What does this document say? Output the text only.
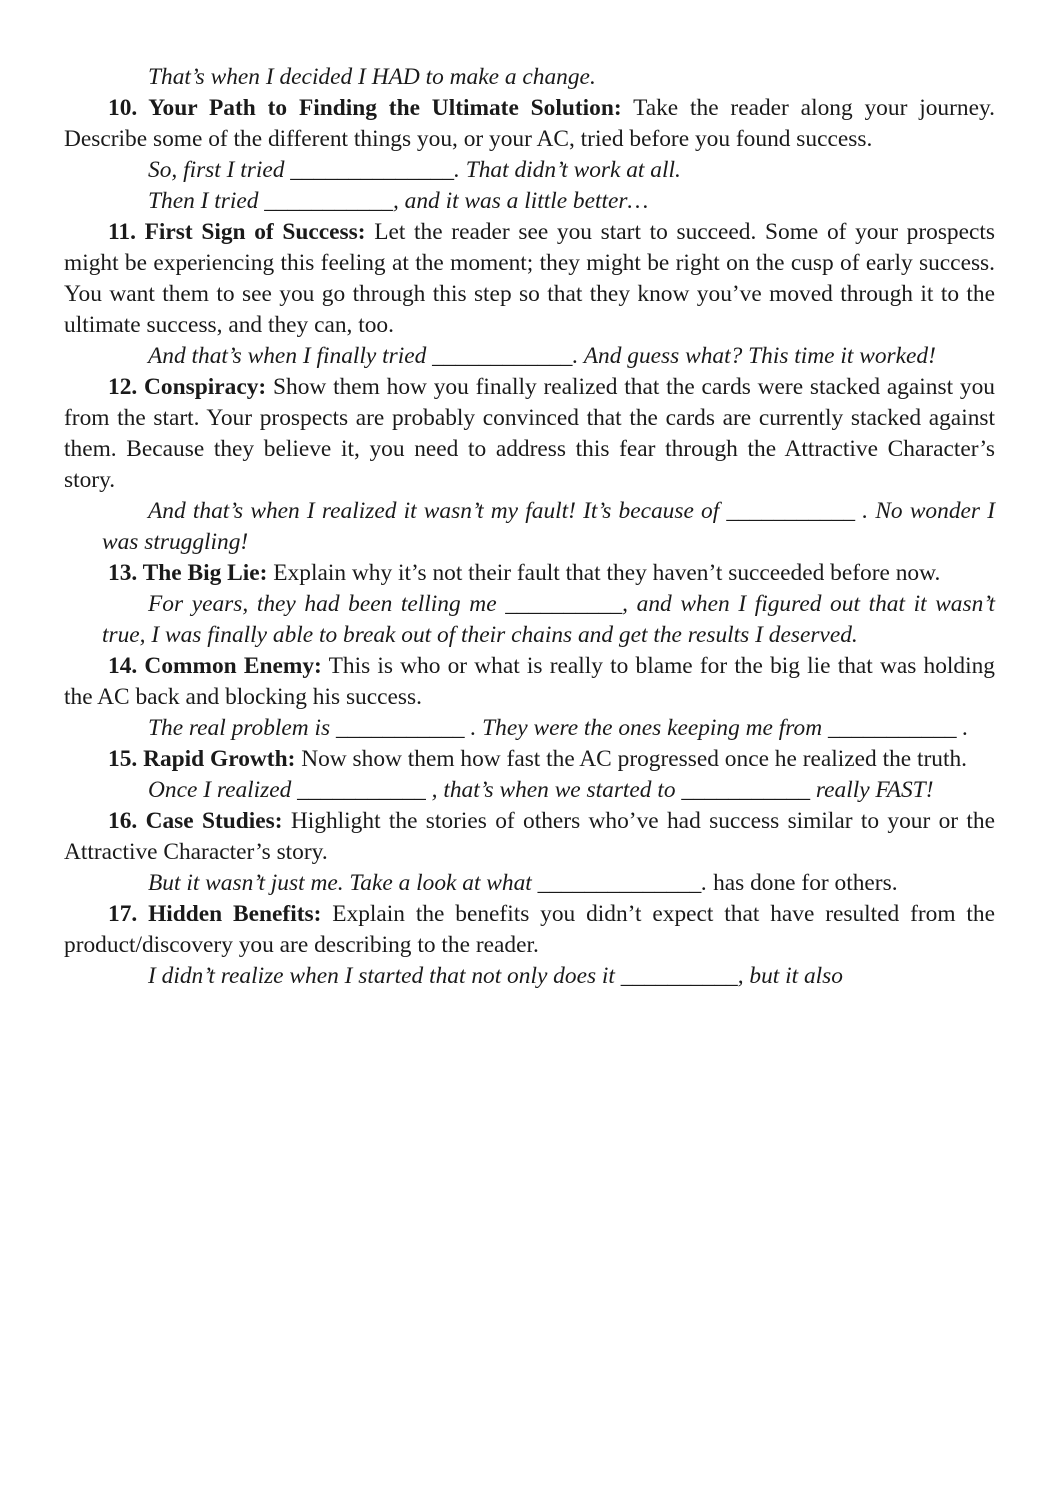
That’s when I decided I HAD to make a change.

10. Your Path to Finding the Ultimate Solution: Take the reader along your journey. Describe some of the different things you, or your AC, tried before you found success.

So, first I tried ______________. That didn’t work at all.

Then I tried ___________, and it was a little better…

11. First Sign of Success: Let the reader see you start to succeed. Some of your prospects might be experiencing this feeling at the moment; they might be right on the cusp of early success. You want them to see you go through this step so that they know you’ve moved through it to the ultimate success, and they can, too.

And that’s when I finally tried ____________. And guess what? This time it worked!

12. Conspiracy: Show them how you finally realized that the cards were stacked against you from the start. Your prospects are probably convinced that the cards are currently stacked against them. Because they believe it, you need to address this fear through the Attractive Character’s story.

And that’s when I realized it wasn’t my fault! It’s because of ___________ . No wonder I was struggling!

13. The Big Lie: Explain why it’s not their fault that they haven’t succeeded before now.

For years, they had been telling me __________, and when I figured out that it wasn’t true, I was finally able to break out of their chains and get the results I deserved.

14. Common Enemy: This is who or what is really to blame for the big lie that was holding the AC back and blocking his success.

The real problem is ___________ . They were the ones keeping me from ___________ .

15. Rapid Growth: Now show them how fast the AC progressed once he realized the truth.

Once I realized ___________ , that’s when we started to ___________ really FAST!

16. Case Studies: Highlight the stories of others who’ve had success similar to your or the Attractive Character’s story.

But it wasn’t just me. Take a look at what ______________. has done for others.

17. Hidden Benefits: Explain the benefits you didn’t expect that have resulted from the product/discovery you are describing to the reader.

I didn’t realize when I started that not only does it __________, but it also
